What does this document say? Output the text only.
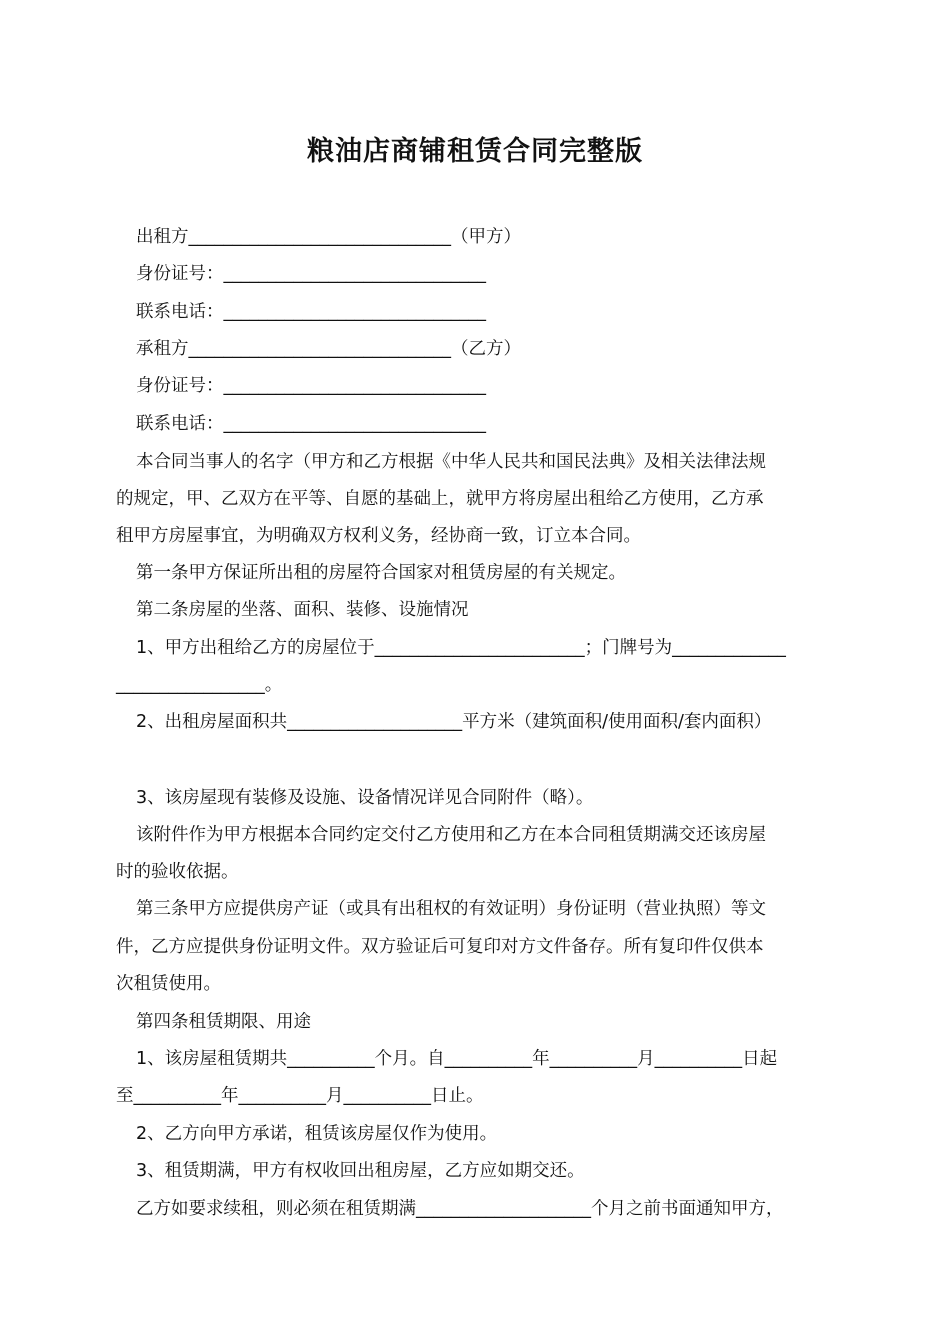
粮油店商铺租赁合同完整版
出租方______________________________（甲方）
身份证号：______________________________
联系电话：______________________________
承租方______________________________（乙方）
身份证号：______________________________
联系电话：______________________________
本合同当事人的名字（甲方和乙方根据《中华人民共和国民法典》及相关法律法规
的规定，甲、乙双方在平等、自愿的基础上，就甲方将房屋出租给乙方使用，乙方承
租甲方房屋事宜，为明确双方权利义务，经协商一致，订立本合同。
第一条甲方保证所出租的房屋符合国家对租赁房屋的有关规定。
第二条房屋的坐落、面积、装修、设施情况
1、甲方出租给乙方的房屋位于________________________；门牌号为_____________
_________________。
2、出租房屋面积共____________________平方米（建筑面积/使用面积/套内面积）
3、该房屋现有装修及设施、设备情况详见合同附件（略）。
该附件作为甲方根据本合同约定交付乙方使用和乙方在本合同租赁期满交还该房屋
时的验收依据。
第三条甲方应提供房产证（或具有出租权的有效证明）身份证明（营业执照）等文
件，乙方应提供身份证明文件。双方验证后可复印对方文件备存。所有复印件仅供本
次租赁使用。
第四条租赁期限、用途
1、该房屋租赁期共__________个月。自__________年__________月__________日起
至__________年__________月__________日止。
2、乙方向甲方承诺，租赁该房屋仅作为使用。
3、租赁期满，甲方有权收回出租房屋，乙方应如期交还。
乙方如要求续租，则必须在租赁期满____________________个月之前书面通知甲方，
